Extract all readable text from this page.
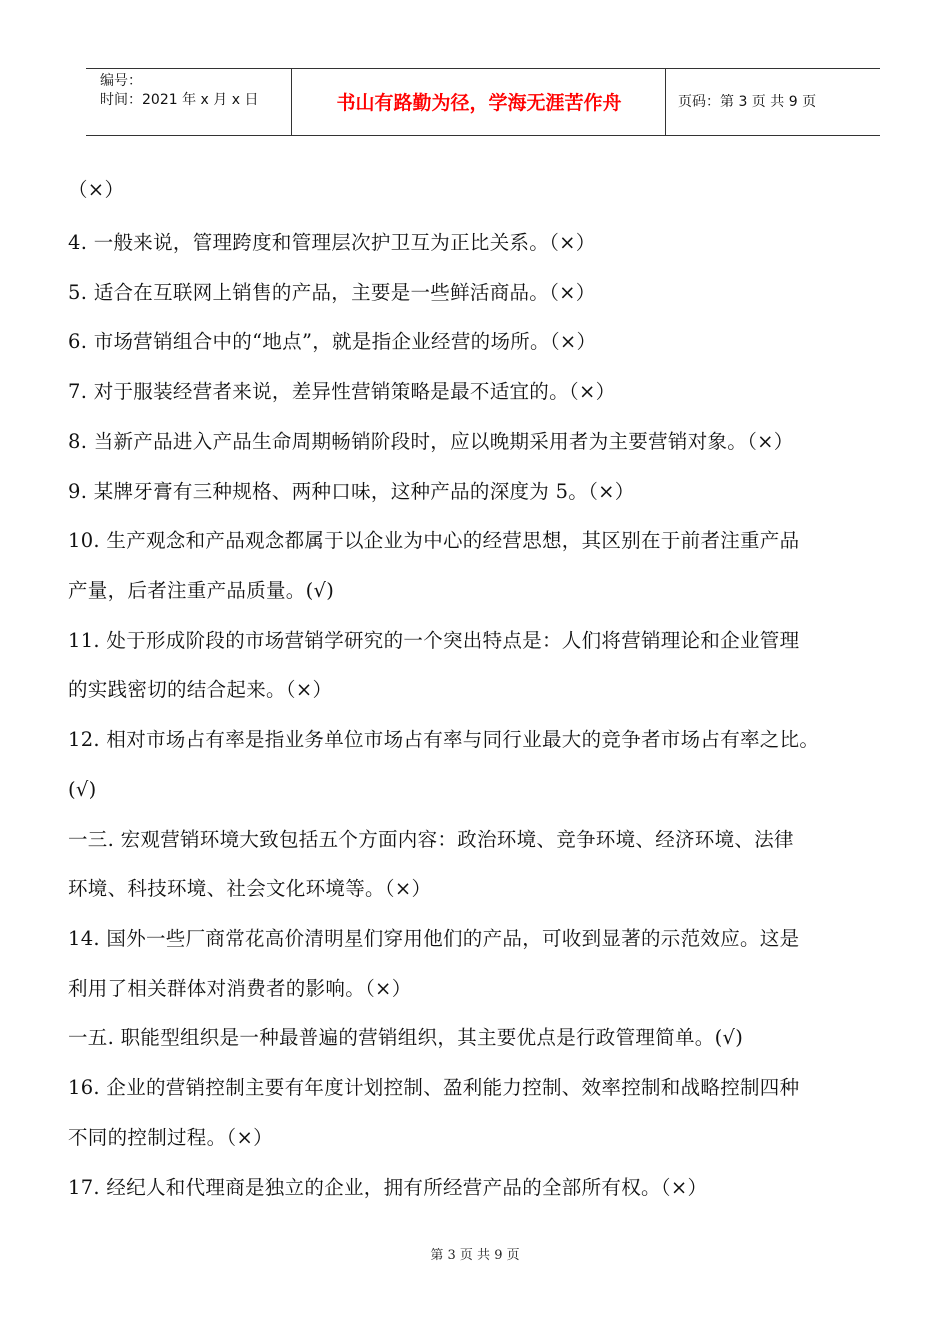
编号：
时间：2021 年 x 月 x 日	书山有路勤为径，学海无涯苦作舟	页码：第 3 页 共 9 页
（×）
4. 一般来说，管理跨度和管理层次护卫互为正比关系。（×）
5. 适合在互联网上销售的产品，主要是一些鲜活商品。（×）
6. 市场营销组合中的“地点”，就是指企业经营的场所。（×）
7. 对于服装经营者来说，差异性营销策略是最不适宜的。（×）
8. 当新产品进入产品生命周期畅销阶段时，应以晚期采用者为主要营销对象。（×）
9. 某牌牙膏有三种规格、两种口味，这种产品的深度为 5。（×）
10. 生产观念和产品观念都属于以企业为中心的经营思想，其区别在于前者注重产品
产量，后者注重产品质量。(√)
11. 处于形成阶段的市场营销学研究的一个突出特点是：人们将营销理论和企业管理
的实践密切的结合起来。（×）
12. 相对市场占有率是指业务单位市场占有率与同行业最大的竞争者市场占有率之比。
(√)
一三. 宏观营销环境大致包括五个方面内容：政治环境、竞争环境、经济环境、法律
环境、科技环境、社会文化环境等。（×）
14. 国外一些厂商常花高价清明星们穿用他们的产品，可收到显著的示范效应。这是
利用了相关群体对消费者的影响。（×）
一五. 职能型组织是一种最普遍的营销组织，其主要优点是行政管理简单。(√)
16. 企业的营销控制主要有年度计划控制、盈利能力控制、效率控制和战略控制四种
不同的控制过程。（×）
17. 经纪人和代理商是独立的企业，拥有所经营产品的全部所有权。（×）
第 3 页 共 9 页
